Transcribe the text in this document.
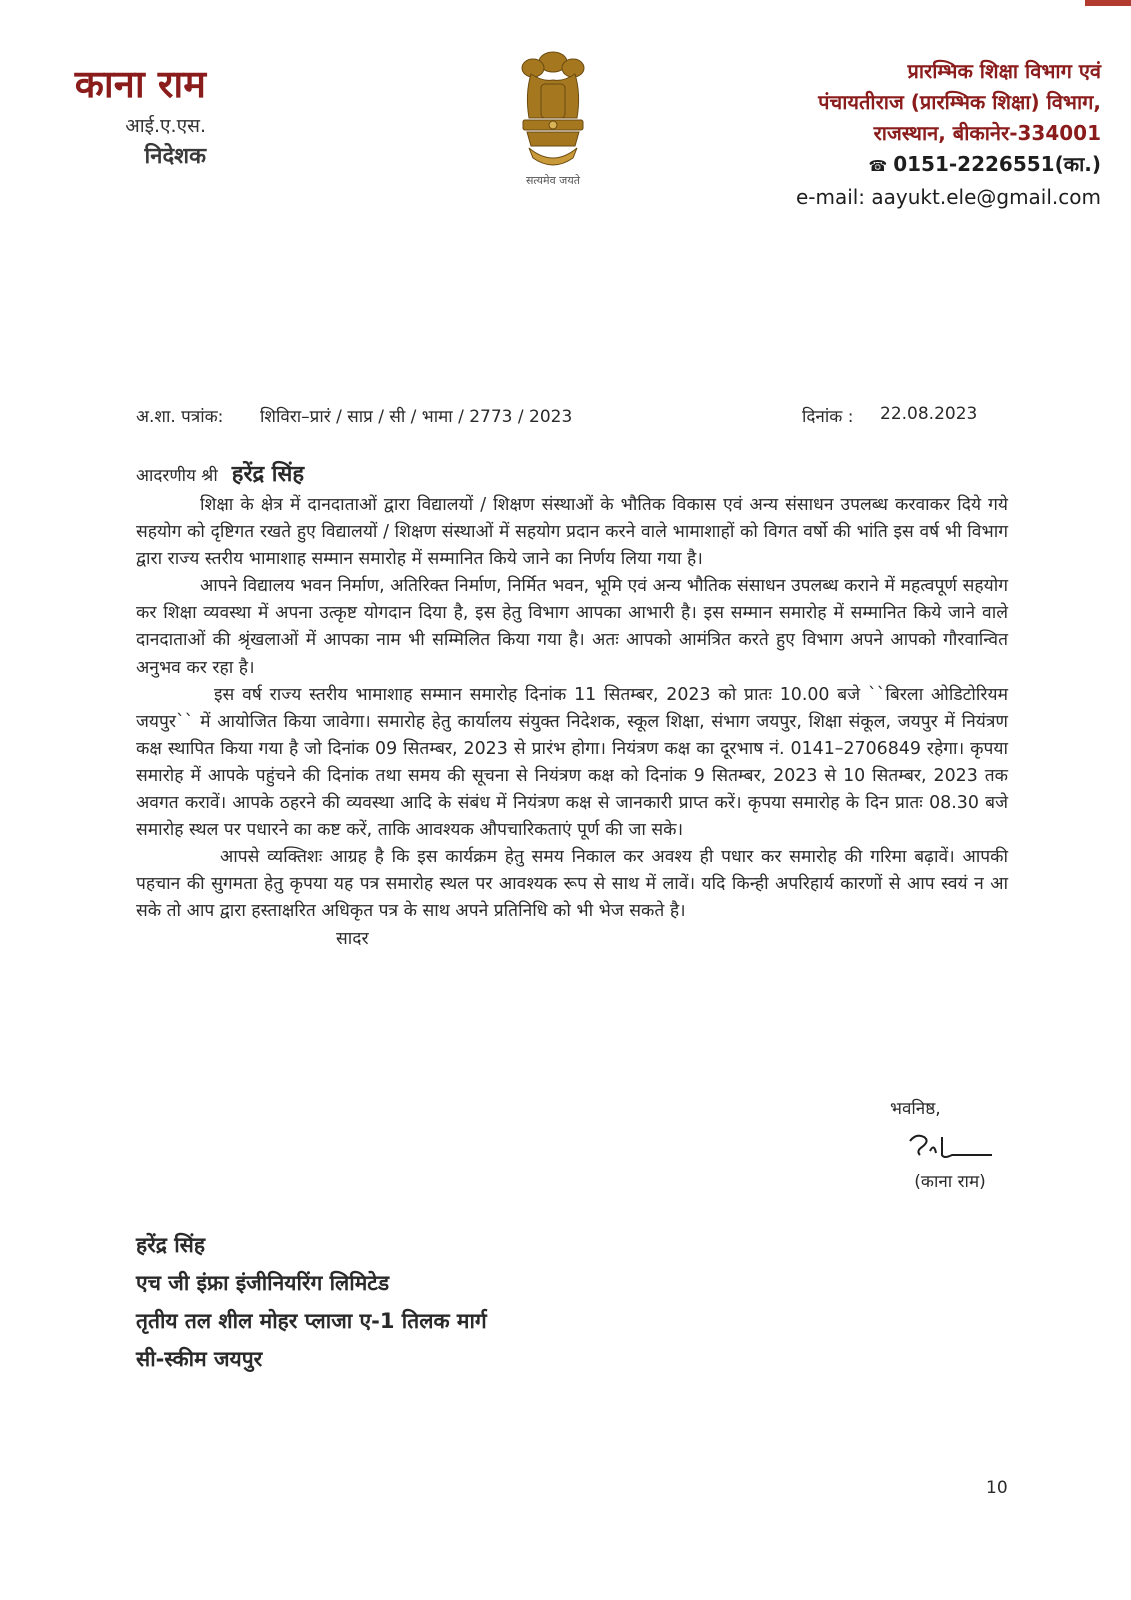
काना राम
आई.ए.एस.
निदेशक
सत्यमेव जयते
प्रारम्भिक शिक्षा विभाग एवं
पंचायतीराज (प्रारम्भिक शिक्षा) विभाग,
राजस्थान, बीकानेर-334001
☎ 0151-2226551(का.)
e-mail: aayukt.ele@gmail.com
अ.शा. पत्रांक: शिविरा–प्रारं / साप्र / सी / भामा / 2773 / 2023	दिनांक : 22.08.2023
आदरणीय श्री हरेंद्र सिंह

शिक्षा के क्षेत्र में दानदाताओं द्वारा विद्यालयों / शिक्षण संस्थाओं के भौतिक विकास एवं अन्य संसाधन उपलब्ध करवाकर दिये गये सहयोग को दृष्टिगत रखते हुए विद्यालयों / शिक्षण संस्थाओं में सहयोग प्रदान करने वाले भामाशाहों को विगत वर्षो की भांति इस वर्ष भी विभाग द्वारा राज्य स्तरीय भामाशाह सम्मान समारोह में सम्मानित किये जाने का निर्णय लिया गया है।

आपने विद्यालय भवन निर्माण, अतिरिक्त निर्माण, निर्मित भवन, भूमि एवं अन्य भौतिक संसाधन उपलब्ध कराने में महत्वपूर्ण सहयोग कर शिक्षा व्यवस्था में अपना उत्कृष्ट योगदान दिया है, इस हेतु विभाग आपका आभारी है। इस सम्मान समारोह में सम्मानित किये जाने वाले दानदाताओं की श्रृंखलाओं में आपका नाम भी सम्मिलित किया गया है। अतः आपको आमंत्रित करते हुए विभाग अपने आपको गौरवान्वित अनुभव कर रहा है।

इस वर्ष राज्य स्तरीय भामाशाह सम्मान समारोह दिनांक 11 सितम्बर, 2023 को प्रातः 10.00 बजे ``बिरला ओडिटोरियम जयपुर`` में आयोजित किया जावेगा। समारोह हेतु कार्यालय संयुक्त निदेशक, स्कूल शिक्षा, संभाग जयपुर, शिक्षा संकूल, जयपुर में नियंत्रण कक्ष स्थापित किया गया है जो दिनांक 09 सितम्बर, 2023 से प्रारंभ होगा। नियंत्रण कक्ष का दूरभाष नं. 0141–2706849 रहेगा। कृपया समारोह में आपके पहुंचने की दिनांक तथा समय की सूचना से नियंत्रण कक्ष को दिनांक 9 सितम्बर, 2023 से 10 सितम्बर, 2023 तक अवगत करावें। आपके ठहरने की व्यवस्था आदि के संबंध में नियंत्रण कक्ष से जानकारी प्राप्त करें। कृपया समारोह के दिन प्रातः 08.30 बजे समारोह स्थल पर पधारने का कष्ट करें, ताकि आवश्यक औपचारिकताएं पूर्ण की जा सके।

आपसे व्यक्तिशः आग्रह है कि इस कार्यक्रम हेतु समय निकाल कर अवश्य ही पधार कर समारोह की गरिमा बढ़ावें। आपकी पहचान की सुगमता हेतु कृपया यह पत्र समारोह स्थल पर आवश्यक रूप से साथ में लावें। यदि किन्ही अपरिहार्य कारणों से आप स्वयं न आ सके तो आप द्वारा हस्ताक्षरित अधिकृत पत्र के साथ अपने प्रतिनिधि को भी भेज सकते है।

सादर

भवनिष्ठ,
(काना राम)
हरेंद्र सिंह
एच जी इंफ्रा इंजीनियरिंग लिमिटेड
तृतीय तल शील मोहर प्लाजा ए-1 तिलक मार्ग
सी-स्कीम जयपुर
10
